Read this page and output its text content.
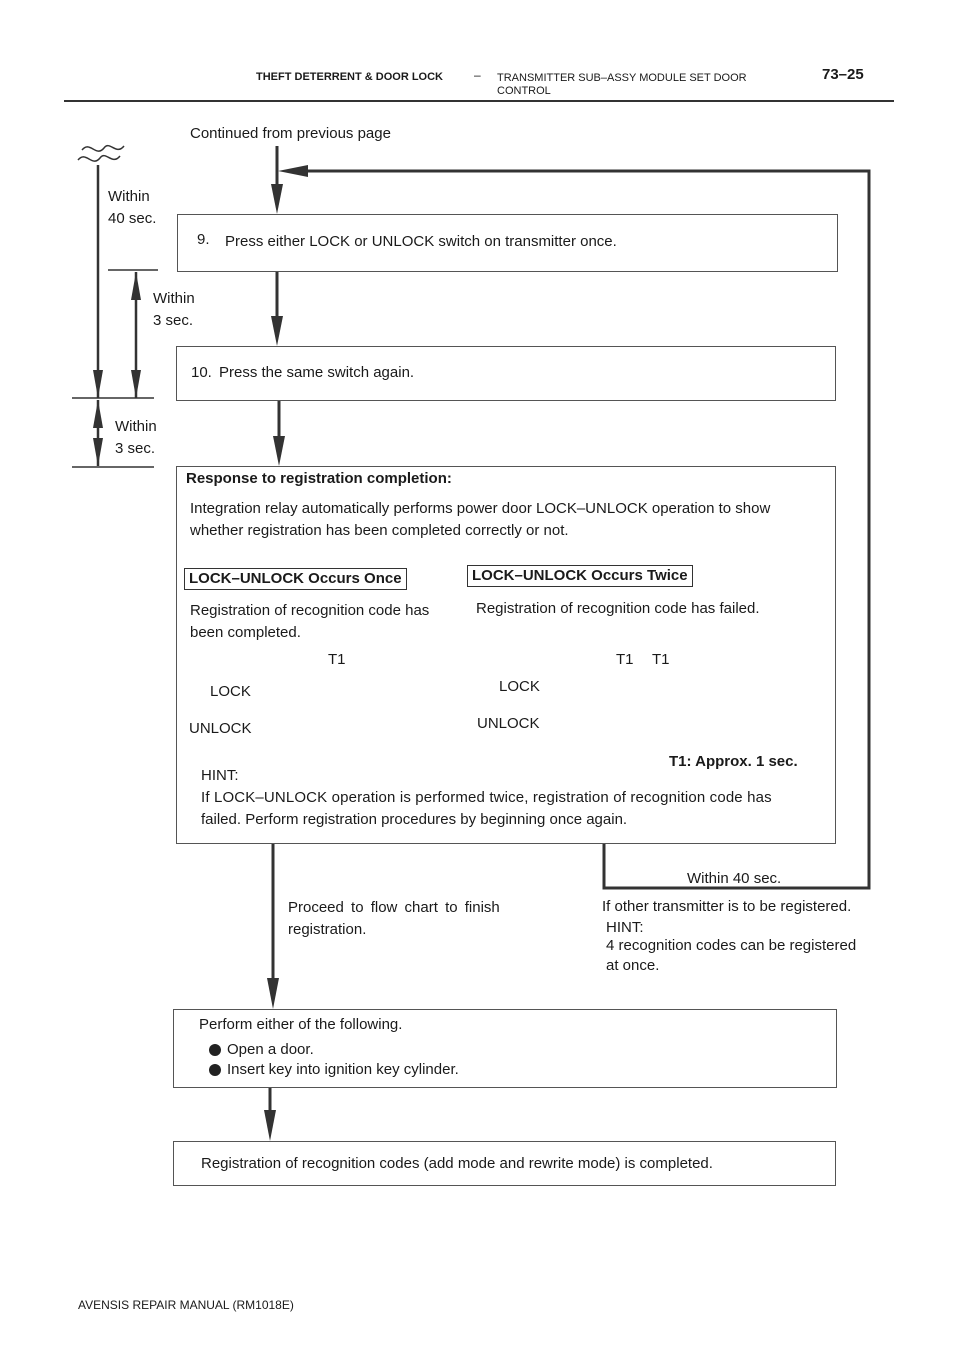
THEFT DETERRENT & DOOR LOCK	– TRANSMITTER SUB–ASSY MODULE SET DOOR
CONTROL
73–25
Continued from previous page
Within
40 sec.
Within
3 sec.
Within
3 sec.
9. Press either LOCK or UNLOCK switch on transmitter once.
10. Press the same switch again.
Response to registration completion:
Integration relay automatically performs power door LOCK–UNLOCK operation to show
whether registration has been completed correctly or not.
LOCK–UNLOCK Occurs Once	LOCK–UNLOCK Occurs Twice
Registration of recognition code has
been completed.
Registration of recognition code has failed.
T1
LOCK
UNLOCK
T1 T1
LOCK
UNLOCK
T1: Approx. 1 sec.
HINT:
If LOCK–UNLOCK operation is performed twice, registration of recognition code has
failed. Perform registration procedures by beginning once again.
Within 40 sec.
If other transmitter is to be registered.
HINT:
4 recognition codes can be registered
at once.
Proceed to flow chart to finish
registration.
Perform either of the following.
Open a door.
Insert key into ignition key cylinder.
Registration of recognition codes (add mode and rewrite mode) is completed.
AVENSIS REPAIR MANUAL (RM1018E)
